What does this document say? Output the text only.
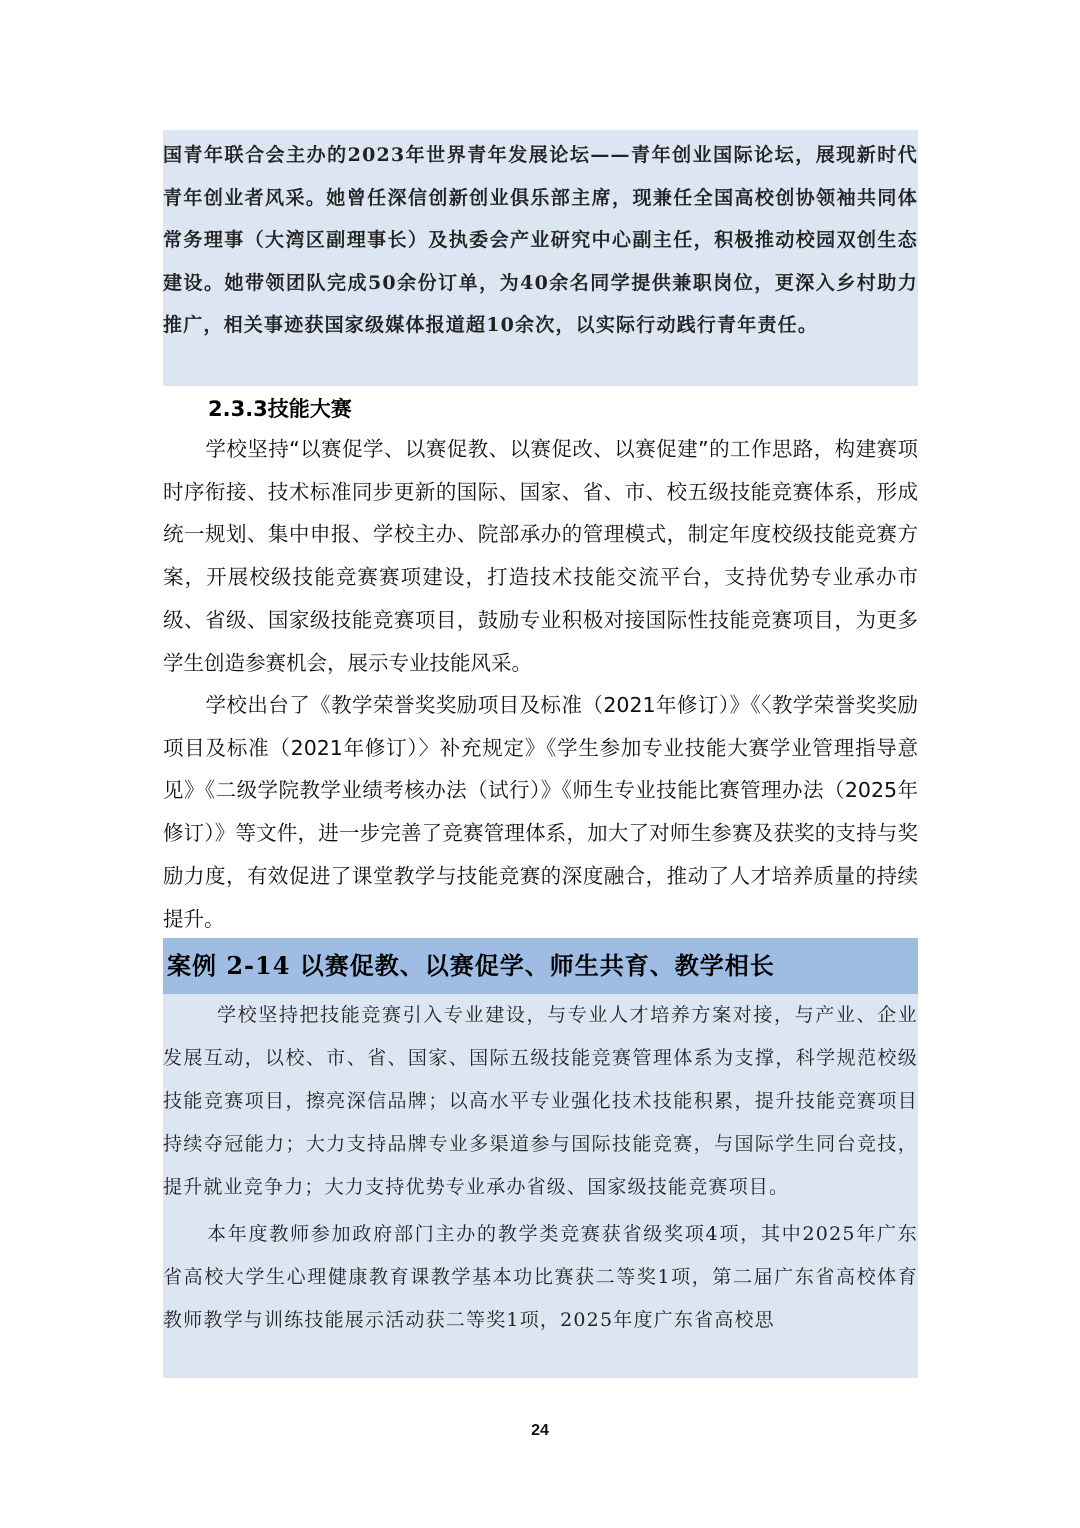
国青年联合会主办的2023年世界青年发展论坛——青年创业国际论坛，展现新时代青年创业者风采。她曾任深信创新创业俱乐部主席，现兼任全国高校创协领袖共同体常务理事（大湾区副理事长）及执委会产业研究中心副主任，积极推动校园双创生态建设。她带领团队完成50余份订单，为40余名同学提供兼职岗位，更深入乡村助力推广，相关事迹获国家级媒体报道超10余次，以实际行动践行青年责任。

2.3.3技能大赛

学校坚持“以赛促学、以赛促教、以赛促改、以赛促建”的工作思路，构建赛项时序衔接、技术标准同步更新的国际、国家、省、市、校五级技能竞赛体系，形成统一规划、集中申报、学校主办、院部承办的管理模式，制定年度校级技能竞赛方案，开展校级技能竞赛赛项建设，打造技术技能交流平台，支持优势专业承办市级、省级、国家级技能竞赛项目，鼓励专业积极对接国际性技能竞赛项目，为更多学生创造参赛机会，展示专业技能风采。

学校出台了《教学荣誉奖奖励项目及标准（2021年修订）》《〈教学荣誉奖奖励项目及标准（2021年修订）〉补充规定》《学生参加专业技能大赛学业管理指导意见》《二级学院教学业绩考核办法（试行）》《师生专业技能比赛管理办法（2025年修订）》等文件，进一步完善了竞赛管理体系，加大了对师生参赛及获奖的支持与奖励力度，有效促进了课堂教学与技能竞赛的深度融合，推动了人才培养质量的持续提升。

案例 2-14 以赛促教、以赛促学、师生共育、教学相长

学校坚持把技能竞赛引入专业建设，与专业人才培养方案对接，与产业、企业发展互动，以校、市、省、国家、国际五级技能竞赛管理体系为支撑，科学规范校级技能竞赛项目，擦亮深信品牌；以高水平专业强化技术技能积累，提升技能竞赛项目持续夺冠能力；大力支持品牌专业多渠道参与国际技能竞赛，与国际学生同台竞技，提升就业竞争力；大力支持优势专业承办省级、国家级技能竞赛项目。

本年度教师参加政府部门主办的教学类竞赛获省级奖项4项，其中2025年广东省高校大学生心理健康教育课教学基本功比赛获二等奖1项，第二届广东省高校体育教师教学与训练技能展示活动获二等奖1项，2025年度广东省高校思

24
